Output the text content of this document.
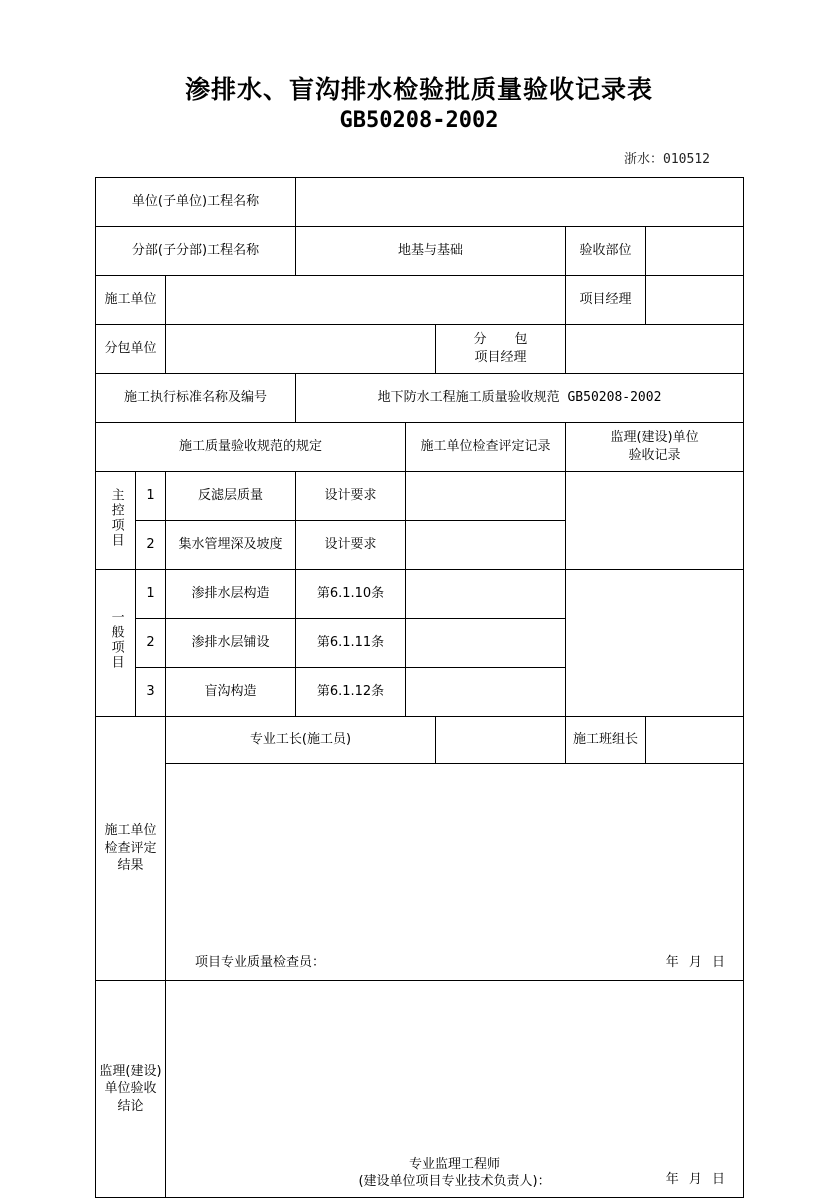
渗排水、盲沟排水检验批质量验收记录表
GB50208-2002
浙水：010512
单位(子单位)工程名称							
分部(子分部)工程名称			地基与基础			验收部位	
施工单位						项目经理	
分包单位					分 包
项目经理		

施工执行标准名称及编号			地下防水工程施工质量验收规范 GB50208-2002				
施工质量验收规范的规定				施工单位检查评定记录		监理(建设)单位
验收记录	

主控项目	1	反滤层质量	设计要求				
	2	集水管埋深及坡度	设计要求				
一般项目	1	渗排水层构造	第6.1.10条				
	2	渗排水层铺设	第6.1.11条				
	3	盲沟构造	第6.1.12条				
施工单位检查评定结果		专业工长(施工员)				施工班组长	

		项目专业质量检查员： 年 月 日					

监理(建设)单位验收结论		专业监理工程师
(建设单位项目专业技术负责人)： 年 月 日					
